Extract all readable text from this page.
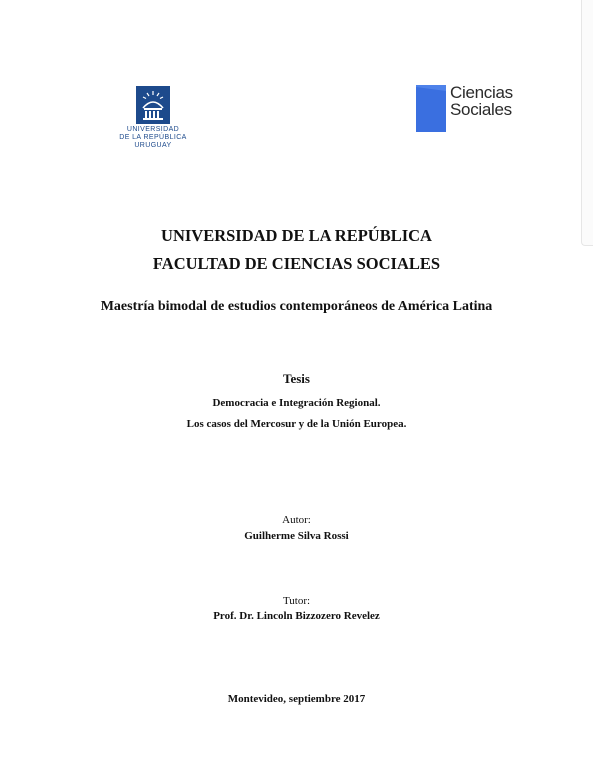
UNIVERSIDAD
DE LA REPÚBLICA
URUGUAY
Ciencias
Sociales
UNIVERSIDAD DE LA REPÚBLICA
FACULTAD DE CIENCIAS SOCIALES
Maestría bimodal de estudios contemporáneos de América Latina
Tesis
Democracia e Integración Regional.
Los casos del Mercosur y de la Unión Europea.
Autor:
Guilherme Silva Rossi
Tutor:
Prof. Dr. Lincoln Bizzozero Revelez
Montevideo, septiembre 2017
